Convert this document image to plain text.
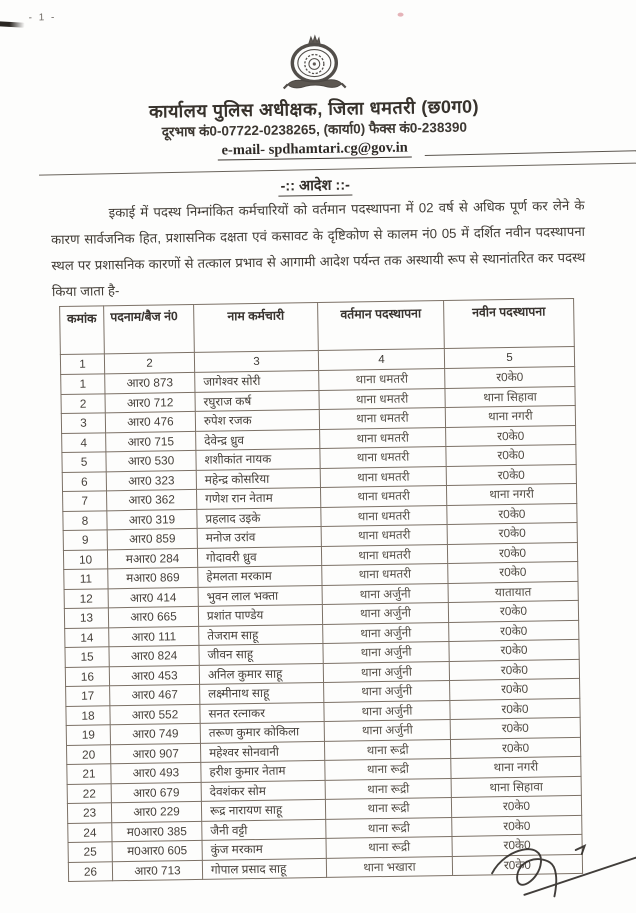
- 1 -
कार्यालय पुलिस अधीक्षक, जिला धमतरी (छ0ग0)
दूरभाष कं0-07722-0238265, (कार्या0) फैक्स कं0-238390
e-mail- spdhamtari.cg@gov.in
-:: आदेश ::-
इकाई में पदस्थ निम्नांकित कर्मचारियों को वर्तमान पदस्थापना में 02 वर्ष से अधिक पूर्ण कर लेने के कारण सार्वजनिक हित, प्रशासनिक दक्षता एवं कसावट के दृष्टिकोण से कालम नं0 05 में दर्शित नवीन पदस्थापना स्थल पर प्रशासनिक कारणों से तत्काल प्रभाव से आगामी आदेश पर्यन्त तक अस्थायी रूप से स्थानांतरित कर पदस्थ किया जाता है-
कमांक	पदनाम/बैज नं0	नाम कर्मचारी	वर्तमान पदस्थापना	नवीन पदस्थापना
1	2	3	4	5
1	आर0 873	जागेश्वर सोरी	थाना धमतरी	र0के0
2	आर0 712	रघुराज कर्ष	थाना धमतरी	थाना सिहावा
3	आर0 476	रुपेश रजक	थाना धमतरी	थाना नगरी
4	आर0 715	देवेन्द्र ध्रुव	थाना धमतरी	र0के0
5	आर0 530	शशीकांत नायक	थाना धमतरी	र0के0
6	आर0 323	महेन्द्र कोसरिया	थाना धमतरी	र0के0
7	आर0 362	गणेश रान नेताम	थाना धमतरी	थाना नगरी
8	आर0 319	प्रहलाद उइके	थाना धमतरी	र0के0
9	आर0 859	मनोज उरांव	थाना धमतरी	र0के0
10	मआर0 284	गोदावरी ध्रुव	थाना धमतरी	र0के0
11	मआर0 869	हेमलता मरकाम	थाना धमतरी	र0के0
12	आर0 414	भुवन लाल भक्ता	थाना अर्जुनी	यातायात
13	आर0 665	प्रशांत पाण्डेय	थाना अर्जुनी	र0के0
14	आर0 111	तेजराम साहू	थाना अर्जुनी	र0के0
15	आर0 824	जीवन साहू	थाना अर्जुनी	र0के0
16	आर0 453	अनिल कुमार साहू	थाना अर्जुनी	र0के0
17	आर0 467	लक्ष्मीनाथ साहू	थाना अर्जुनी	र0के0
18	आर0 552	सनत रत्नाकर	थाना अर्जुनी	र0के0
19	आर0 749	तरूण कुमार कोकिला	थाना अर्जुनी	र0के0
20	आर0 907	महेश्वर सोनवानी	थाना रूद्री	र0के0
21	आर0 493	हरीश कुमार नेताम	थाना रूद्री	थाना नगरी
22	आर0 679	देवशंकर सोम	थाना रूद्री	थाना सिहावा
23	आर0 229	रूद्र नारायण साहू	थाना रूद्री	र0के0
24	म0आर0 385	जैनी वट्टी	थाना रूद्री	र0के0
25	म0आर0 605	कुंज मरकाम	थाना रूद्री	र0के0
26	आर0 713	गोपाल प्रसाद साहू	थाना भखारा	र0के0
